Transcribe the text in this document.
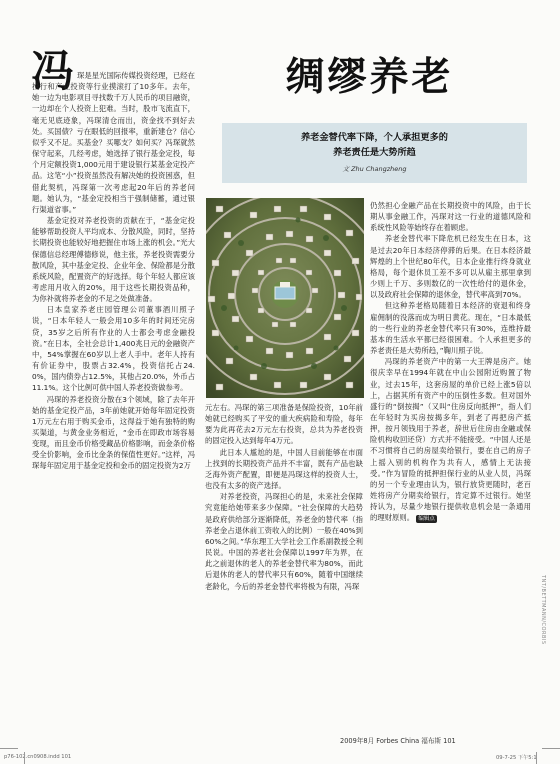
冯 琛是星光国际传媒投资经理，已经在投行和产业投资等行业摸滚打了10多年。去年，她一边为电影项目寻找数千万人民币的项目融资，一边却在个人投资上犯难。当时，股市飞流直下，毫无见底迹象，冯琛清仓而出，资金找不到好去处。买国债？亏在眼低的回报率，重新建仓？信心似乎又不足。买基金？买哪支？如何买？冯琛就然保守起来，几经考虑，她选择了银行基金定投，每个月定额投资1,000元用于建设银行某基金定投产品。这笔“小”投资虽然没有解决她的投资困惑，但借此契机，冯琛第一次考虑起20年后的养老问题。她认为，“基金定投相当于强制储蓄，通过银行渠道省事。”

基金定投对养老投资的贡献在于，“基金定投能够帮助投资人平均成本、分散风险，同时，坚持长期投资也能较好地把握住市场上涨的机会。”光大保德信总经理傅德修说，他主张，养老投资需要分散风险，其中基金定投、企业年金、保险都是分散系统风险，配置资产的好选择。每个年轻人都应该考虑用月收入的20%，用于这些长期投资品种，为你补就将养老金的不足之处做准备。

日本皇家养老庄园管理公司董事酒川照子说，“日本年轻人一般会用10多年的时间还完房贷，35岁之后所有作业的人士都会考虑金融投资。”在日本，全社会总计1,400兆日元的金融资产中，54%掌握在60岁以上老人手中。老年人持有有价证券中，股票占32.4%，投资信托占24.0%，国内债券占12.5%，其他占20.0%，外币占11.1%。这个比例可供中国人养老投资做参考。

冯琛的养老投资分散在3个领域，除了去年开始的基金定投产品，3年前她就开始每年固定投资1万元左右用于购买金币，这得益于她有独特的购买渠道，与黄金业务相近，“金币在即政市场容易变现，而且金币价格受藏品价格影响，而金条价格受全价影响，金币比金条的保值性更好。”这样，冯琛每年固定用于基金定投和金币的固定投资为2万

绸缪养老
养老金替代率下降，个人承担更多的
养老责任是大势所趋
文 Zhu Changzheng

元左右。冯琛的第三项准备是保险投资，10年前她就已经购买了平安的重大疾病险和寿险，每年要为此再花去2万元左右投资，总共为养老投资的固定投入达到每年4万元。

此日本人尴尬的是，中国人目前能够在市面上找到的长期投资产品并不丰富，既有产品也缺乏海外资产配置，即便是冯琛这样的投资人士，也没有太多的资产选择。

对养老投资，冯琛担心的是，未来社会保障究竟能给她带来多少保障。“社会保障的大趋势是政府供给部分逐渐降低，养老金的替代率（指养老金占退休前工资收入的比例）一般在40%到60%之间。”华东理工大学社会工作系副教授仝利民说。中国的养老社会保障以1997年为界，在此之前退休的老人的养老金替代率为80%，而此后退休的老人的替代率只有60%，随着中国继续老龄化，今后的养老金替代率将极为有限，冯琛

仍然担心金融产品在长期投资中的风险，由于长期从事金融工作，冯琛对这一行业的道德风险和系统性风险等始终存在着顾虑。

养老金替代率下降危机已经发生在日本，这是过去20年日本经济停滞的后果。在日本经济最辉煌的上个世纪80年代，日本企业推行终身就业格局，每个退休员工差不多可以从雇主那里拿到少则上千万、多则数亿的一次性给付的退休金，以及政府社会保障的退休金，替代率高到70%。

但这种养老格局随着日本经济的衰退和终身雇佣制的没落而成为明日黄花。现在，“日本最低的一些行业的养老金替代率只有30%，连维持最基本的生活水平都已经很困难。个人承担更多的养老责任是大势所趋，”鞠川照子说。

冯琛的养老资产中的第一大王牌是房产。她很庆幸早在1994年就在中山公园附近购置了物业，过去15年，这套房屋的单价已经上涨5倍以上，占据其所有资产中的压倒性多数。但对国外盛行的“倒按揭”（又叫“住房反向抵押”，指人们在年轻时为买房按揭多年，到老了再把房产抵押，按月领钱用于养老，辞世后住房由金融或保险机构收回还贷）方式并不能接受。“中国人还是不习惯将自己的房屋卖给银行，要在自己的房子上摇入别的机构作为共有人，感情上无法接受。”作为冒险的抵押担保行业的从业人员，冯琛的另一个专业理由认为，银行放贷更随时，老百姓将房产分期卖给银行，肯定算不过银行。她坚持认为，尽量少地银行提供收息机会是一条通用的理财原则。 编辑点

TNT/BETTMANN/CORBIS
2009年8月 Forbes China 福布斯 101
p76-102.cn0908.indd 101	09-7-25 下午5:1
